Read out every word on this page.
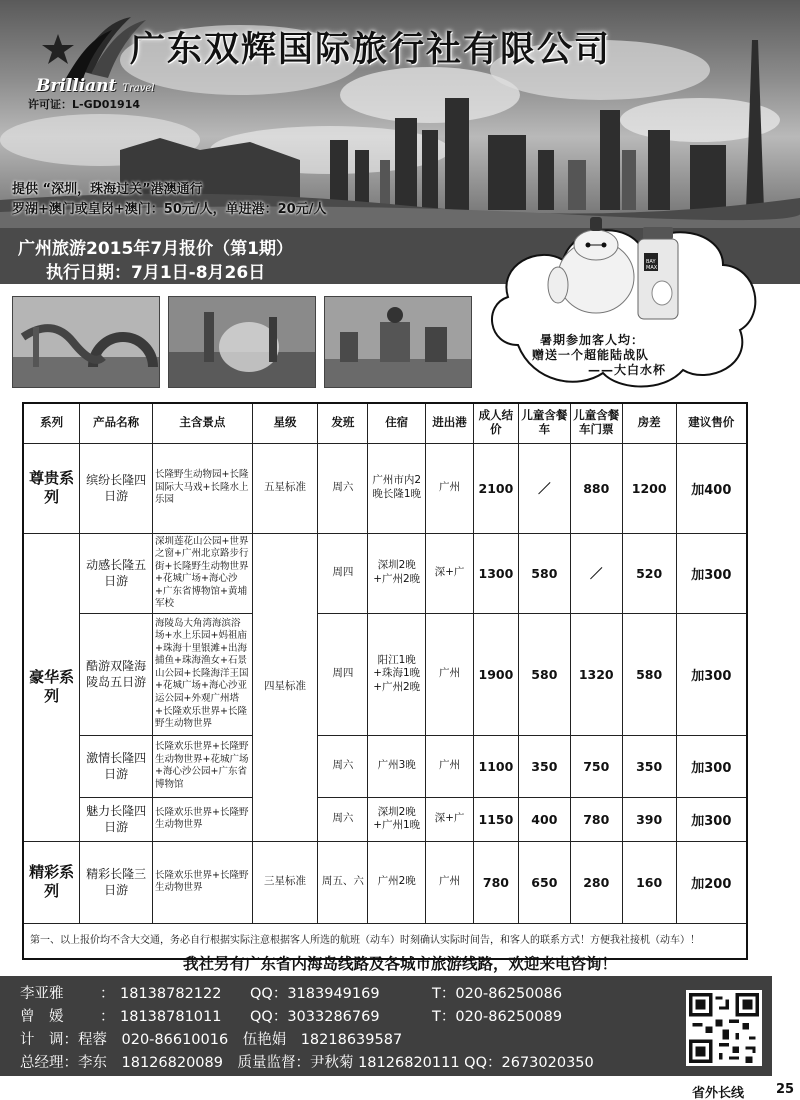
Brilliant Travel
许可证：L-GD01914
广东双辉国际旅行社有限公司
提供 “深圳，珠海过关”港澳通行
罗湖+澳门或皇岗+澳门：50元/人，单进港：20元/人
广州旅游2015年7月报价（第1期）
执行日期：7月1日-8月26日
BAY
MAX
暑期参加客人均：
赠送一个超能陆战队
——大白水杯
系列	产品名称	主含景点	星级	发班	住宿	进出港	成人结价	儿童含餐车	儿童含餐车门票	房差	建议售价
尊贵系列	缤纷长隆四日游	长隆野生动物园+长隆国际大马戏+长隆水上乐园	五星标准	周六	广州市内2晚长隆1晚	广州	2100	／	880	1200	加400
豪华系列	动感长隆五日游	深圳莲花山公园+世界之窗+广州北京路步行街+长隆野生动物世界+花城广场+海心沙+广东省博物馆+黄埔军校	四星标准	周四	深圳2晚+广州2晚	深+广	1300	580	／	520	加300
	酷游双隆海陵岛五日游	海陵岛大角湾海滨浴场+水上乐园+妈祖庙+珠海十里银滩+出海捕鱼+珠海渔女+石景山公园+长隆海洋王国+花城广场+海心沙亚运公园+外观广州塔+长隆欢乐世界+长隆野生动物世界		周四	阳江1晚+珠海1晚+广州2晚	广州	1900	580	1320	580	加300
	激情长隆四日游	长隆欢乐世界+长隆野生动物世界+花城广场+海心沙公园+广东省博物馆		周六	广州3晚	广州	1100	350	750	350	加300
	魅力长隆四日游	长隆欢乐世界+长隆野生动物世界		周六	深圳2晚+广州1晚	深+广	1150	400	780	390	加300
精彩系列	精彩长隆三日游	长隆欢乐世界+长隆野生动物世界	三星标准	周五、六	广州2晚	广州	780	650	280	160	加200
第一、以上报价均不含大交通，务必自行根据实际注意根据客人所选的航班（动车）时刻确认实际时间告，和客人的联系方式！方便我社接机（动车）！											
我社另有广东省内海岛线路及各城市旅游线路，欢迎来电咨询！
李亚雅	： 18138782122 QQ：3183949169	T：020-86250086
曾　媛	： 18138781011 QQ：3033286769	T：020-86250089
计　调：程蓉　020-86610016　伍艳娟　18218639587
总经理：李东　18126820089　质量监督：尹秋菊 18126820111 QQ：2673020350
省外长线 25
